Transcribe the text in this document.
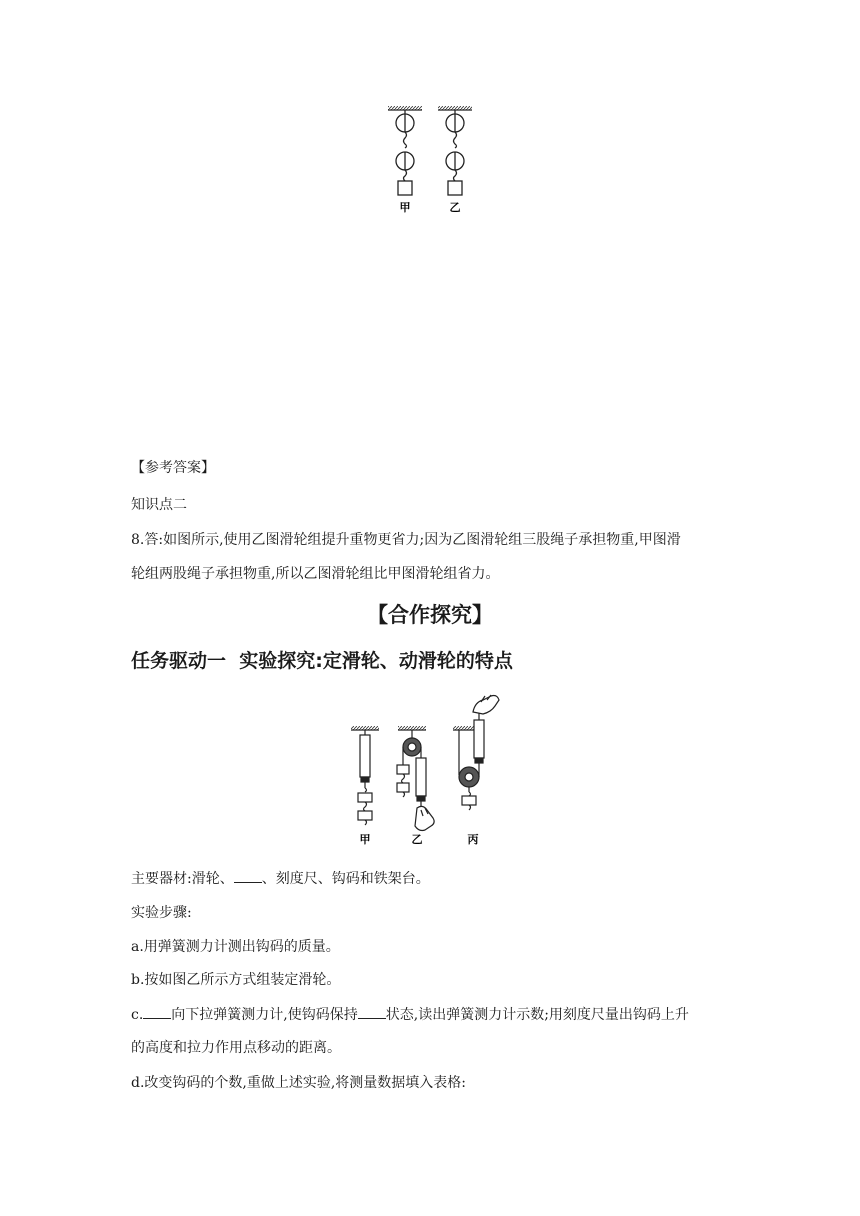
甲	乙
【参考答案】
知识点二
8.答:如图所示,使用乙图滑轮组提升重物更省力;因为乙图滑轮组三股绳子承担物重,甲图滑
轮组两股绳子承担物重,所以乙图滑轮组比甲图滑轮组省力。
【合作探究】
任务驱动一  实验探究:定滑轮、动滑轮的特点
甲	乙	丙
主要器材:滑轮、 、刻度尺、钩码和铁架台。
实验步骤:
a.用弹簧测力计测出钩码的质量。
b.按如图乙所示方式组装定滑轮。
c. 向下拉弹簧测力计,使钩码保持 状态,读出弹簧测力计示数;用刻度尺量出钩码上升
的高度和拉力作用点移动的距离。
d.改变钩码的个数,重做上述实验,将测量数据填入表格:
